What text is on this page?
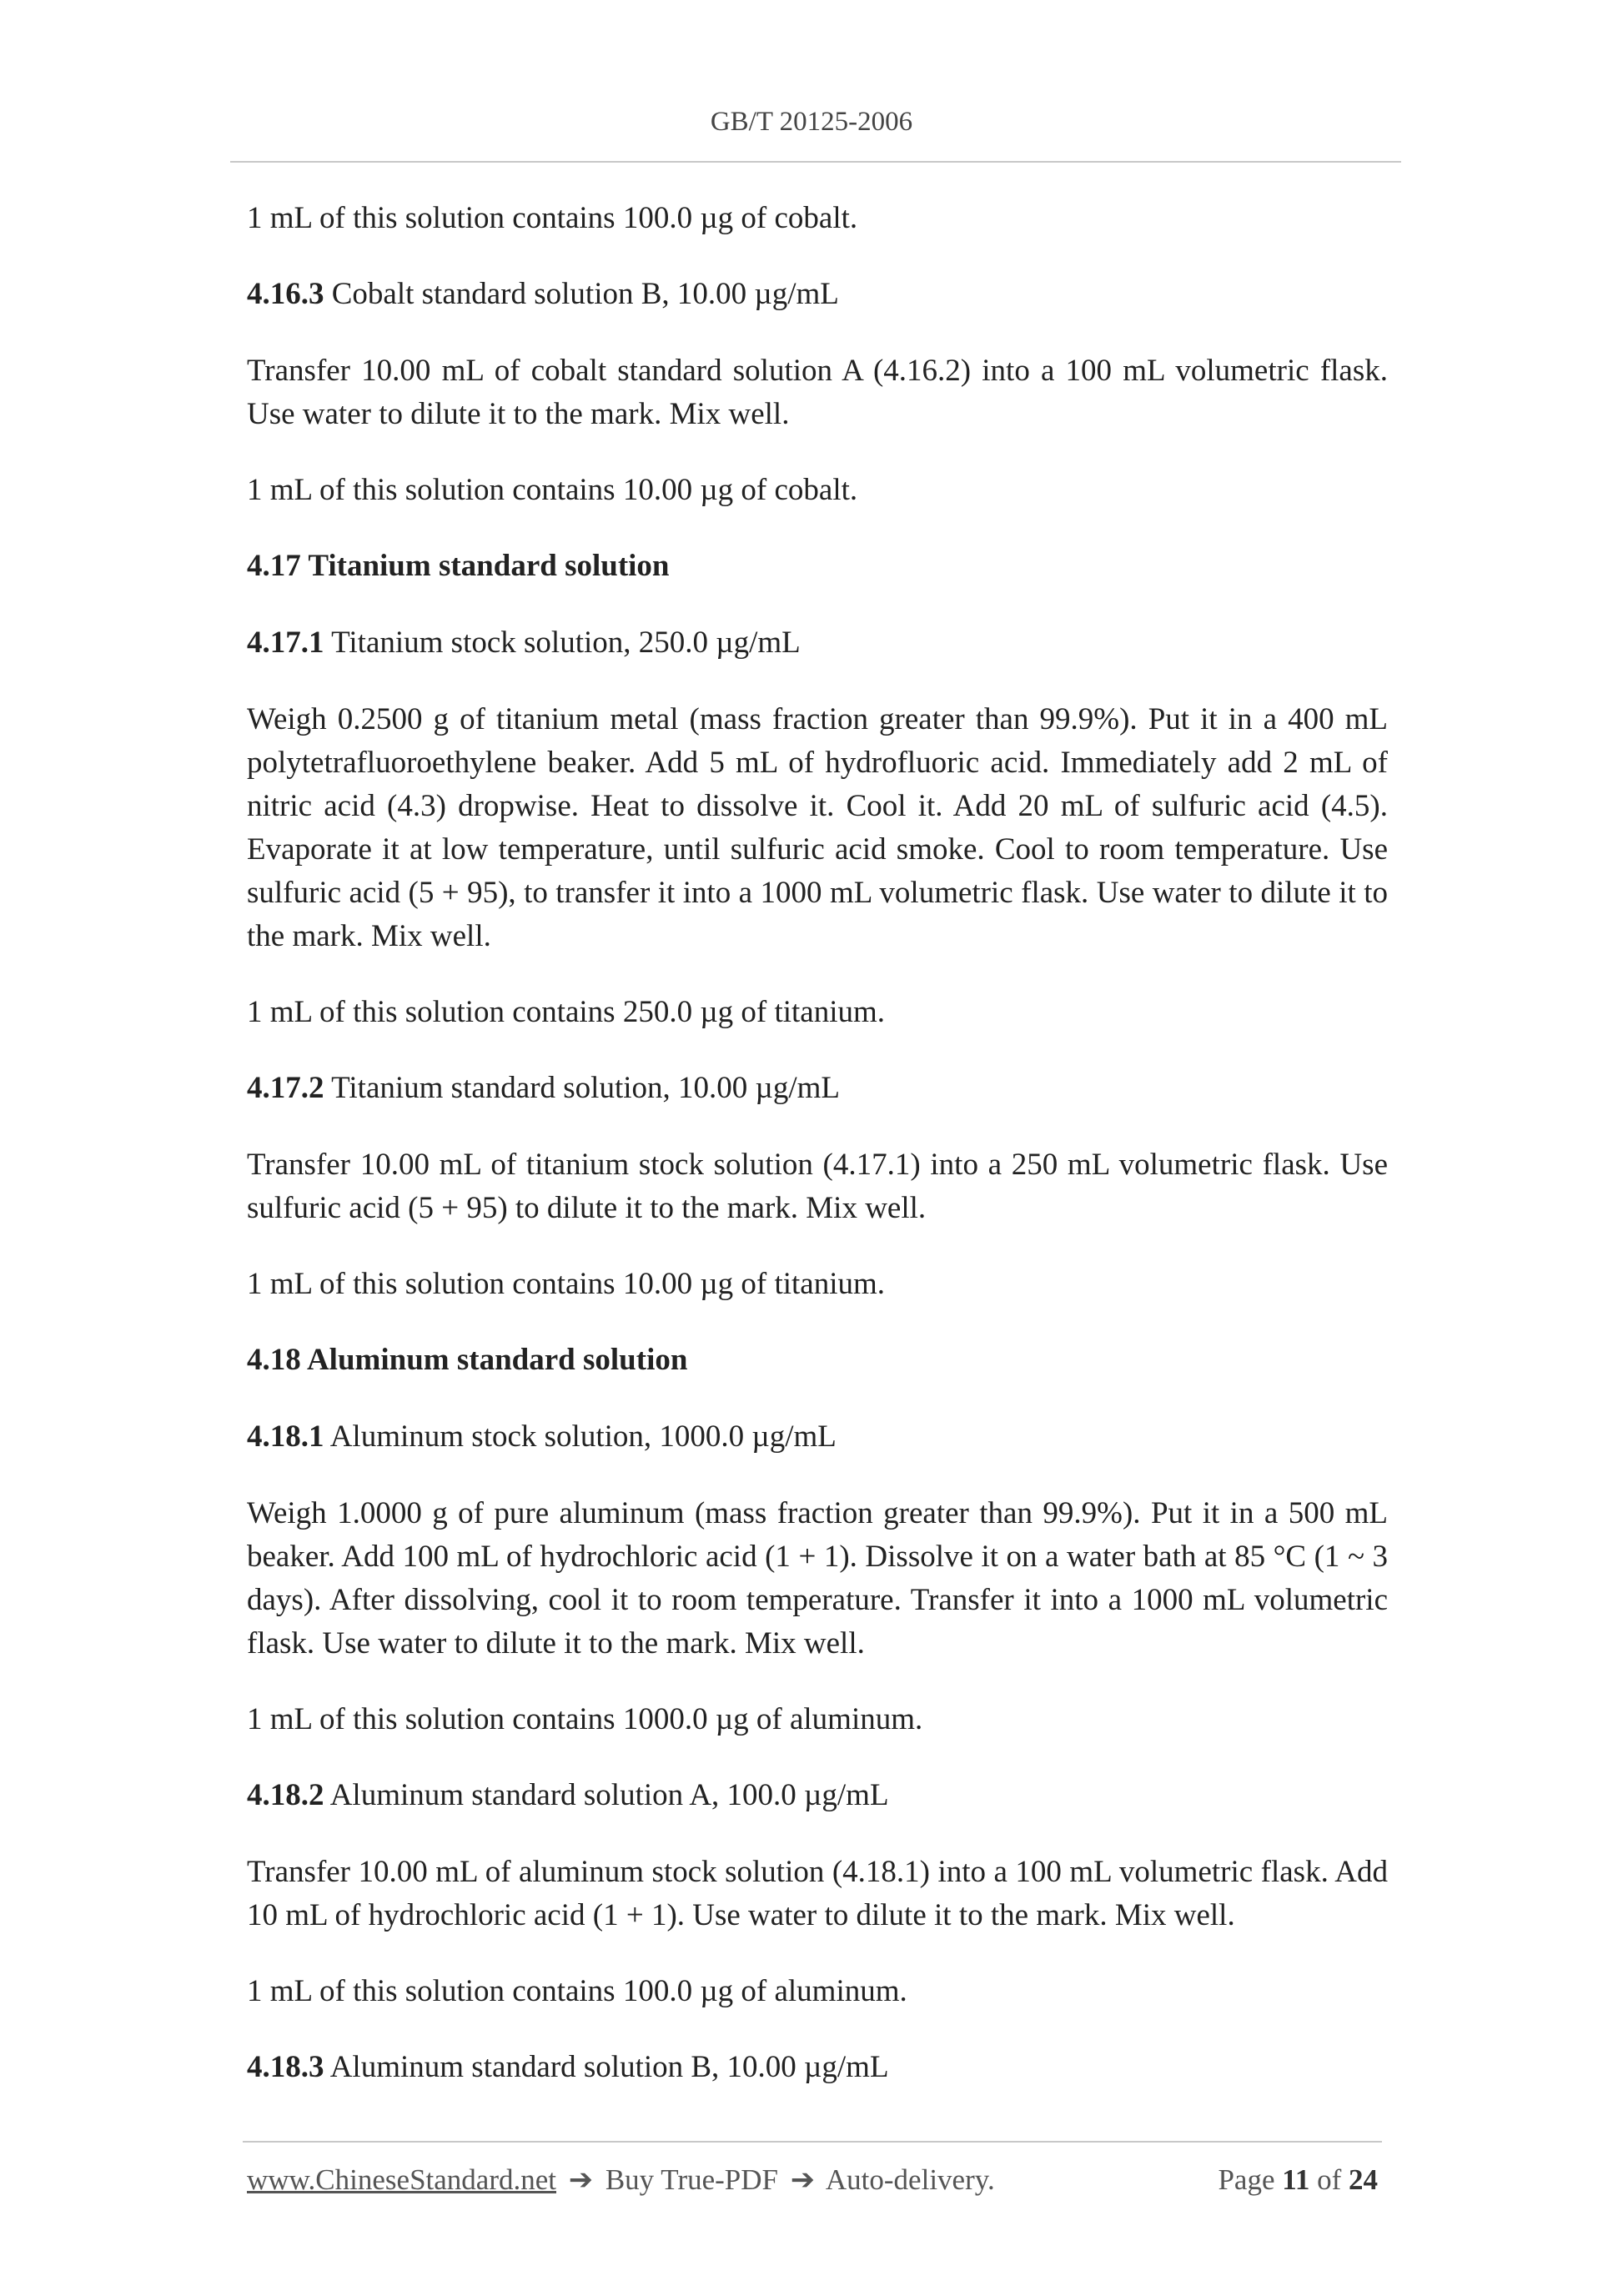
GB/T 20125-2006

1 mL of this solution contains 100.0 µg of cobalt.

4.16.3 Cobalt standard solution B, 10.00 µg/mL

Transfer 10.00 mL of cobalt standard solution A (4.16.2) into a 100 mL volumetric flask. Use water to dilute it to the mark. Mix well.

1 mL of this solution contains 10.00 µg of cobalt.

4.17 Titanium standard solution

4.17.1 Titanium stock solution, 250.0 µg/mL

Weigh 0.2500 g of titanium metal (mass fraction greater than 99.9%). Put it in a 400 mL polytetrafluoroethylene beaker. Add 5 mL of hydrofluoric acid. Immediately add 2 mL of nitric acid (4.3) dropwise. Heat to dissolve it. Cool it. Add 20 mL of sulfuric acid (4.5). Evaporate it at low temperature, until sulfuric acid smoke. Cool to room temperature. Use sulfuric acid (5 + 95), to transfer it into a 1000 mL volumetric flask. Use water to dilute it to the mark. Mix well.

1 mL of this solution contains 250.0 µg of titanium.

4.17.2 Titanium standard solution, 10.00 µg/mL

Transfer 10.00 mL of titanium stock solution (4.17.1) into a 250 mL volumetric flask. Use sulfuric acid (5 + 95) to dilute it to the mark. Mix well.

1 mL of this solution contains 10.00 µg of titanium.

4.18 Aluminum standard solution

4.18.1 Aluminum stock solution, 1000.0 µg/mL

Weigh 1.0000 g of pure aluminum (mass fraction greater than 99.9%). Put it in a 500 mL beaker. Add 100 mL of hydrochloric acid (1 + 1). Dissolve it on a water bath at 85 °C (1 ~ 3 days). After dissolving, cool it to room temperature. Transfer it into a 1000 mL volumetric flask. Use water to dilute it to the mark. Mix well.

1 mL of this solution contains 1000.0 µg of aluminum.

4.18.2 Aluminum standard solution A, 100.0 µg/mL

Transfer 10.00 mL of aluminum stock solution (4.18.1) into a 100 mL volumetric flask. Add 10 mL of hydrochloric acid (1 + 1). Use water to dilute it to the mark. Mix well.

1 mL of this solution contains 100.0 µg of aluminum.

4.18.3 Aluminum standard solution B, 10.00 µg/mL

www.ChineseStandard.net ➔ Buy True-PDF ➔ Auto-delivery.	Page 11 of 24
